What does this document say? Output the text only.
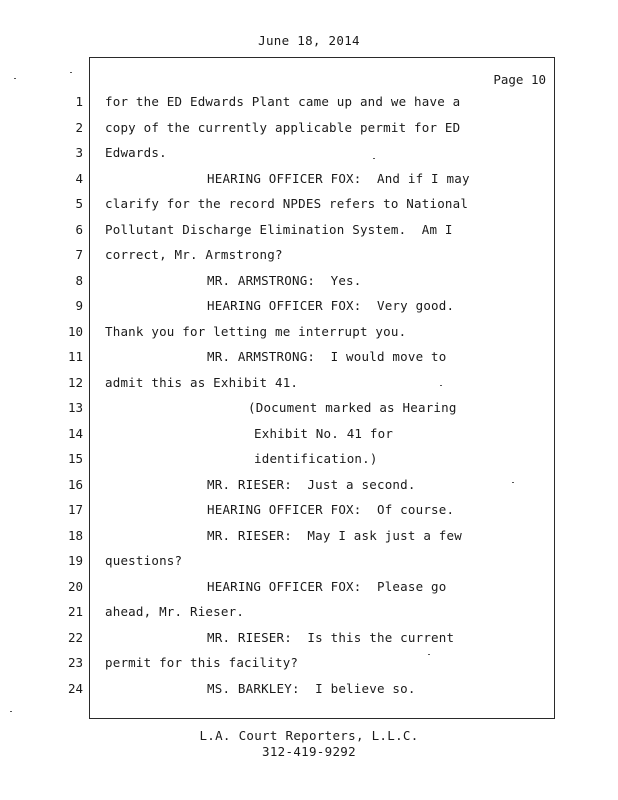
June 18, 2014
Page 10
1 for the ED Edwards Plant came up and we have a
2 copy of the currently applicable permit for ED
3 Edwards.
4	HEARING OFFICER FOX:  And if I may
5 clarify for the record NPDES refers to National
6 Pollutant Discharge Elimination System.  Am I
7 correct, Mr. Armstrong?
8	MR. ARMSTRONG:  Yes.
9	HEARING OFFICER FOX:  Very good.
10 Thank you for letting me interrupt you.
11	MR. ARMSTRONG:  I would move to
12 admit this as Exhibit 41.
13	(Document marked as Hearing
14	Exhibit No. 41 for
15	identification.)
16	MR. RIESER:  Just a second.
17	HEARING OFFICER FOX:  Of course.
18	MR. RIESER:  May I ask just a few
19 questions?
20	HEARING OFFICER FOX:  Please go
21 ahead, Mr. Rieser.
22	MR. RIESER:  Is this the current
23 permit for this facility?
24	MS. BARKLEY:  I believe so.
L.A. Court Reporters, L.L.C.
312-419-9292
